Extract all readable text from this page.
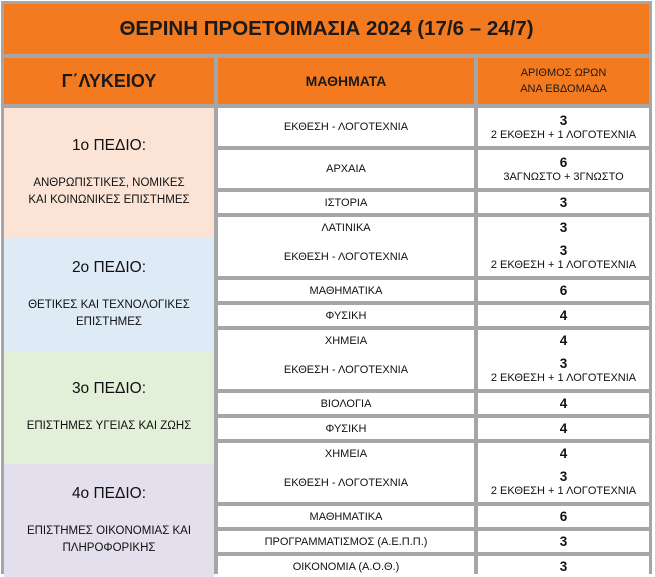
ΘΕΡΙΝΗ ΠΡΟΕΤΟΙΜΑΣΙΑ 2024 (17/6 – 24/7)
Γ΄ΛΥΚΕΙΟΥ	ΜΑΘΗΜΑΤΑ	ΑΡΙΘΜΟΣ ΩΡΩΝ
ΑΝΑ ΕΒΔΟΜΑΔΑ
1ο ΠΕΔΙΟ:
ΑΝΘΡΩΠΙΣΤΙΚΕΣ, ΝΟΜΙΚΕΣ
ΚΑΙ ΚΟΙΝΩΝΙΚΕΣ ΕΠΙΣΤΗΜΕΣ
ΕΚΘΕΣΗ - ΛΟΓΟΤΕΧΝΙΑ	3
2 ΕΚΘΕΣΗ + 1 ΛΟΓΟΤΕΧΝΙΑ
ΑΡΧΑΙΑ	6
3ΑΓΝΩΣΤΟ + 3ΓΝΩΣΤΟ
ΙΣΤΟΡΙΑ	3
ΛΑΤΙΝΙΚΑ	3
2ο ΠΕΔΙΟ:
ΘΕΤΙΚΕΣ ΚΑΙ ΤΕΧΝΟΛΟΓΙΚΕΣ
ΕΠΙΣΤΗΜΕΣ
ΕΚΘΕΣΗ - ΛΟΓΟΤΕΧΝΙΑ	3
2 ΕΚΘΕΣΗ + 1 ΛΟΓΟΤΕΧΝΙΑ
ΜΑΘΗΜΑΤΙΚΑ	6
ΦΥΣΙΚΗ	4
ΧΗΜΕΙΑ	4
3ο ΠΕΔΙΟ:
ΕΠΙΣΤΗΜΕΣ ΥΓΕΙΑΣ ΚΑΙ ΖΩΗΣ
ΕΚΘΕΣΗ - ΛΟΓΟΤΕΧΝΙΑ	3
2 ΕΚΘΕΣΗ + 1 ΛΟΓΟΤΕΧΝΙΑ
ΒΙΟΛΟΓΙΑ	4
ΦΥΣΙΚΗ	4
ΧΗΜΕΙΑ	4
4ο ΠΕΔΙΟ:
ΕΠΙΣΤΗΜΕΣ ΟΙΚΟΝΟΜΙΑΣ ΚΑΙ
ΠΛΗΡΟΦΟΡΙΚΗΣ
ΕΚΘΕΣΗ - ΛΟΓΟΤΕΧΝΙΑ	3
2 ΕΚΘΕΣΗ + 1 ΛΟΓΟΤΕΧΝΙΑ
ΜΑΘΗΜΑΤΙΚΑ	6
ΠΡΟΓΡΑΜΜΑΤΙΣΜΟΣ (Α.Ε.Π.Π.)	3
ΟΙΚΟΝΟΜΙΑ (Α.Ο.Θ.)	3
